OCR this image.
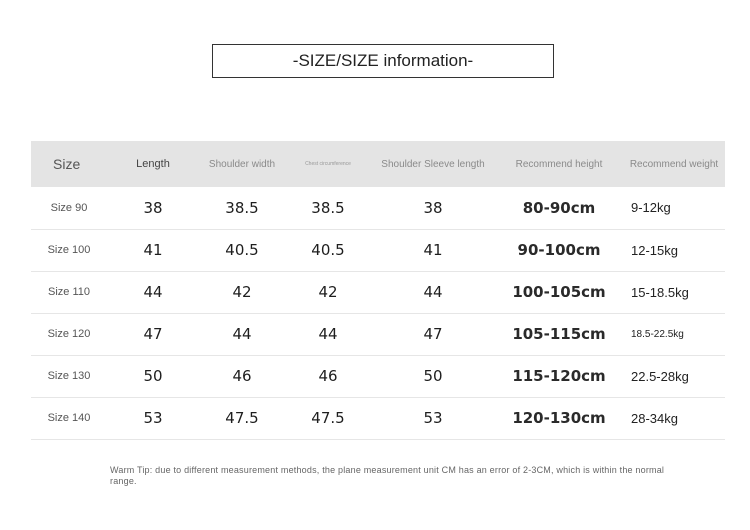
-SIZE/SIZE information-
Size	Length	Shoulder width	Chest circumference	Shoulder Sleeve length	Recommend height	Recommend weight
Size 90	38	38.5	38.5	38	80-90cm	9-12kg
Size 100	41	40.5	40.5	41	90-100cm	12-15kg
Size 110	44	42	42	44	100-105cm	15-18.5kg
Size 120	47	44	44	47	105-115cm	18.5-22.5kg
Size 130	50	46	46	50	115-120cm	22.5-28kg
Size 140	53	47.5	47.5	53	120-130cm	28-34kg
Warm Tip: due to different measurement methods, the plane measurement unit CM has an error of 2-3CM, which is within the normal range.
